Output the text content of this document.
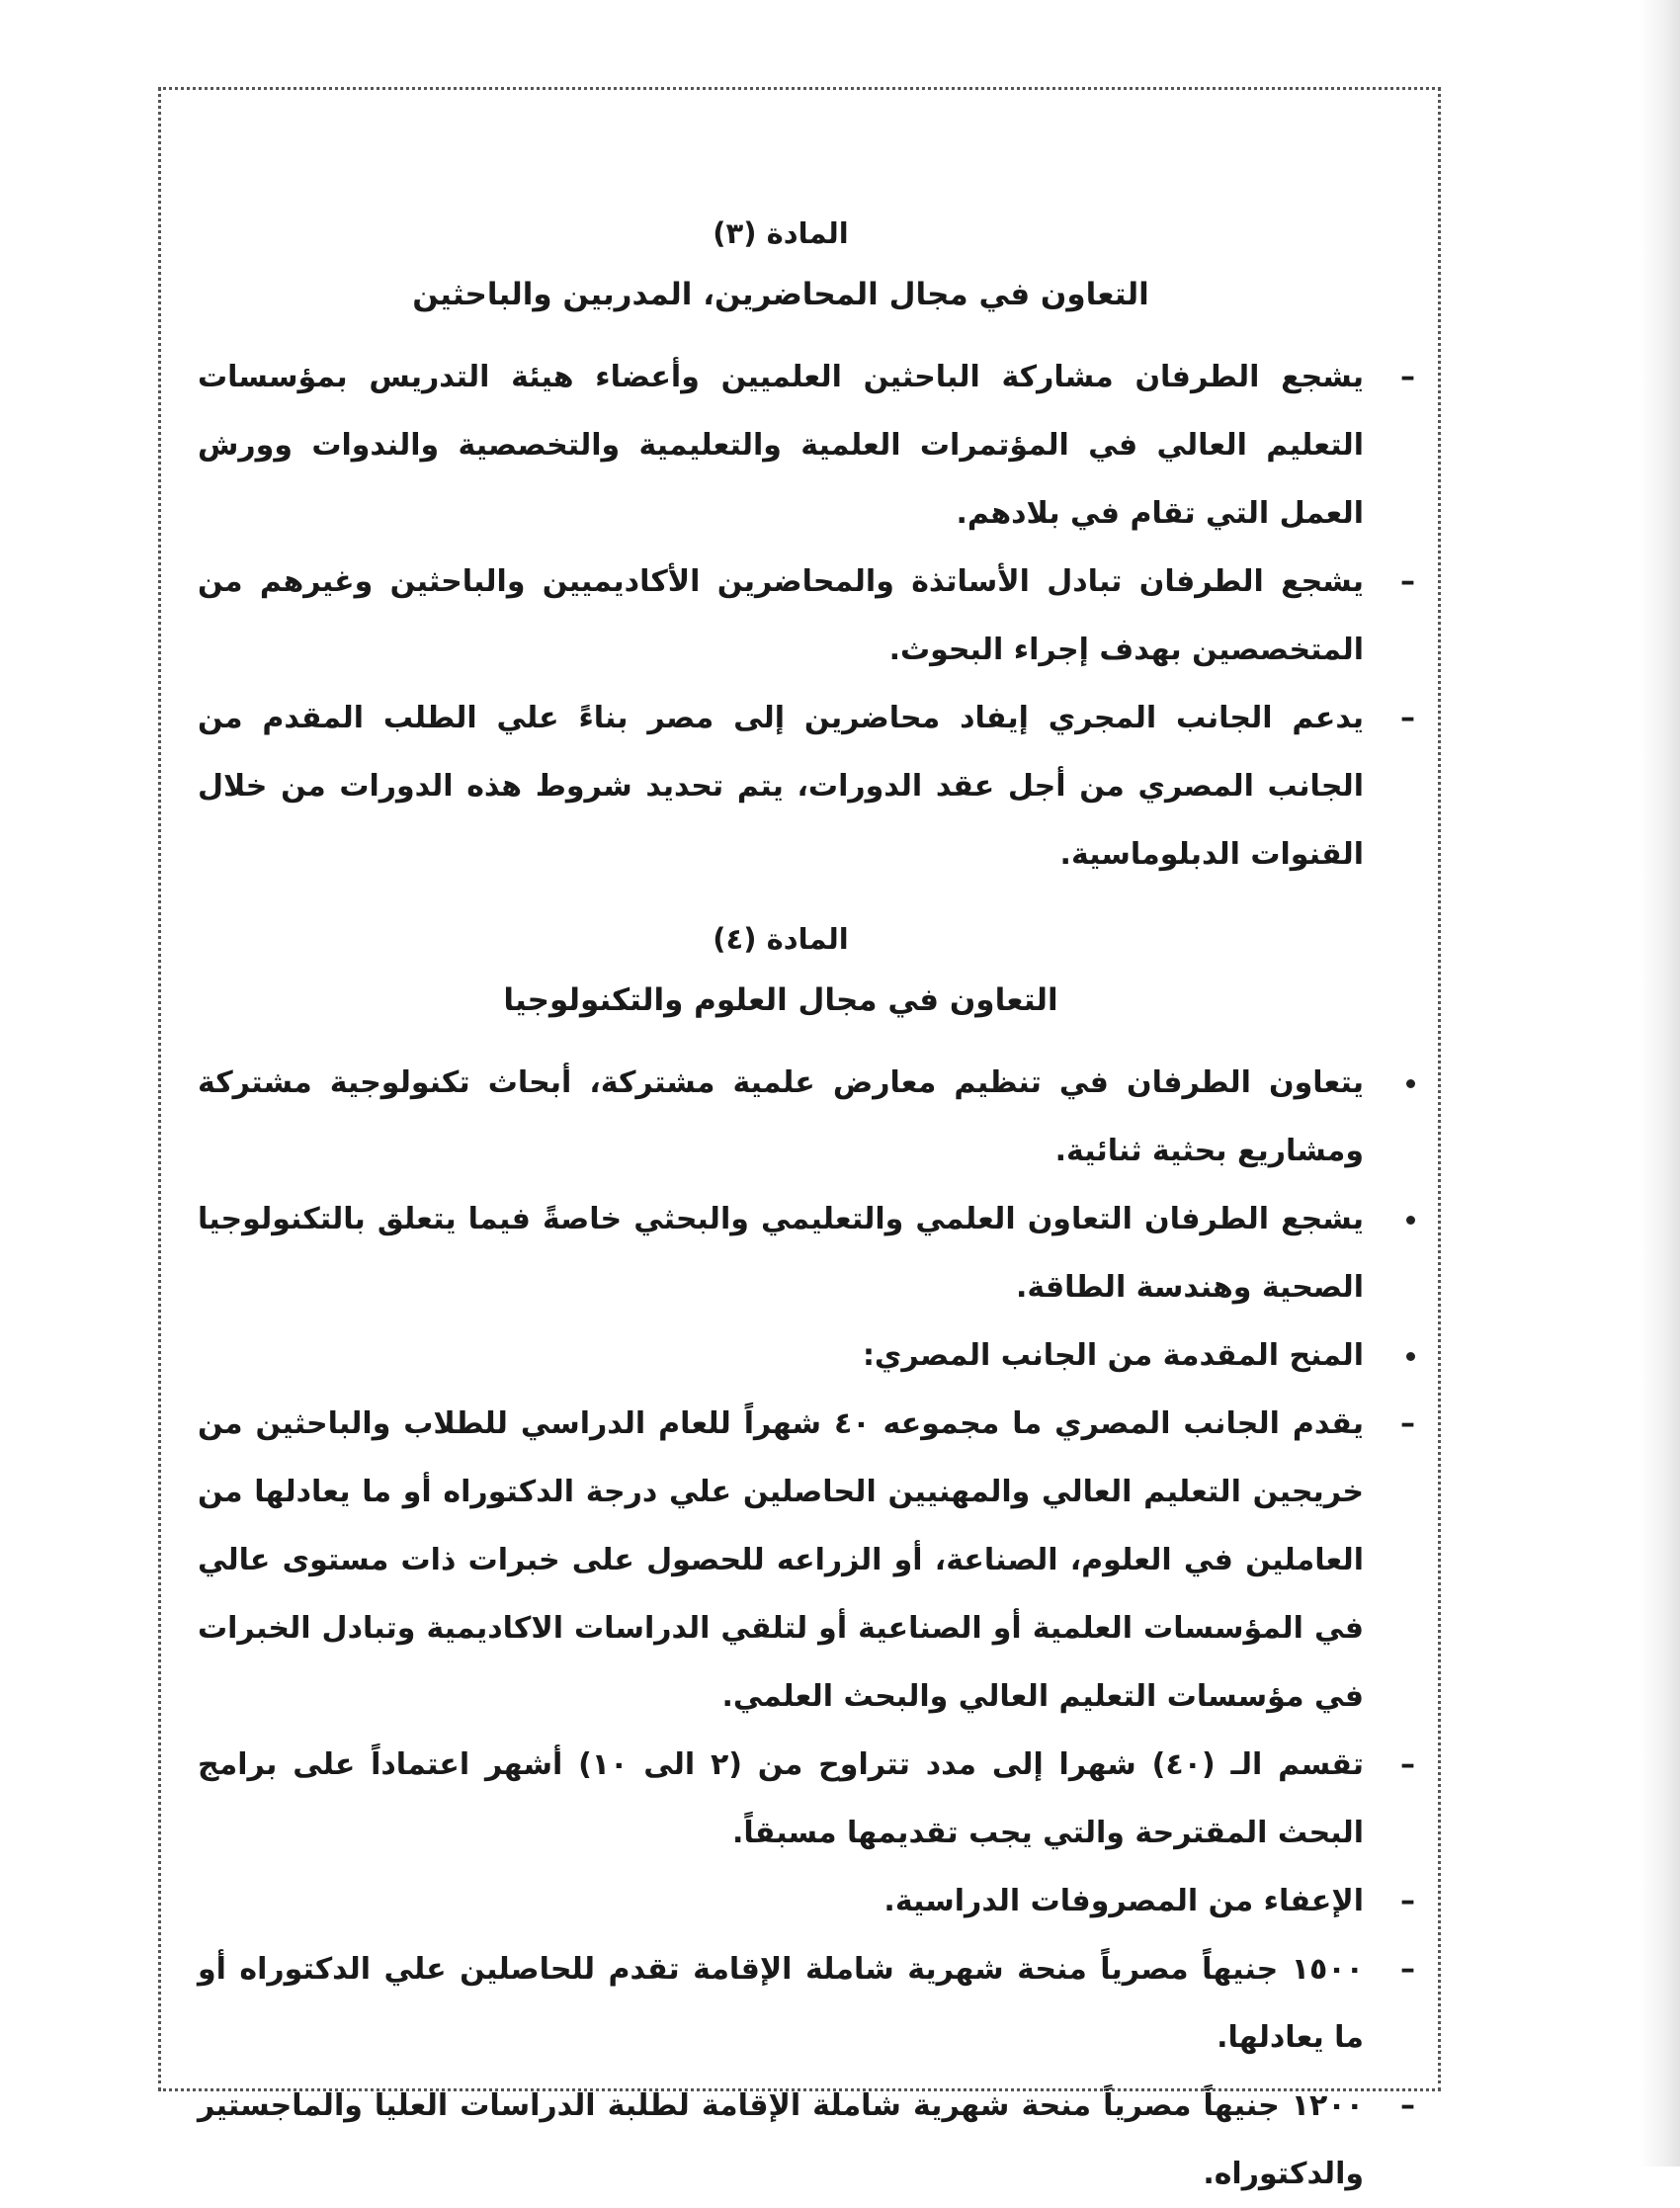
المادة (٣)
التعاون في مجال المحاضرين، المدربين والباحثين

–
يشجع الطرفان مشاركة الباحثين العلميين وأعضاء هيئة التدريس بمؤسسات التعليم العالي في المؤتمرات العلمية والتعليمية والتخصصية والندوات وورش العمل التي تقام في بلادهم.

–
يشجع الطرفان تبادل الأساتذة والمحاضرين الأكاديميين والباحثين وغيرهم من المتخصصين بهدف إجراء البحوث.

–
يدعم الجانب المجري إيفاد محاضرين إلى مصر بناءً علي الطلب المقدم من الجانب المصري من أجل عقد الدورات، يتم تحديد شروط هذه الدورات من خلال القنوات الدبلوماسية.

المادة (٤)
التعاون في مجال العلوم والتكنولوجيا

يتعاون الطرفان في تنظيم معارض علمية مشتركة، أبحاث تكنولوجية مشتركة ومشاريع بحثية ثنائية.

يشجع الطرفان التعاون العلمي والتعليمي والبحثي خاصةً فيما يتعلق بالتكنولوجيا الصحية وهندسة الطاقة.

المنح المقدمة من الجانب المصري:

–
يقدم الجانب المصري ما مجموعه ٤٠ شهراً للعام الدراسي للطلاب والباحثين من خريجين التعليم العالي والمهنيين الحاصلين علي درجة الدكتوراه أو ما يعادلها من العاملين في العلوم، الصناعة، أو الزراعه للحصول على خبرات ذات مستوى عالي في المؤسسات العلمية أو الصناعية أو لتلقي الدراسات الاكاديمية وتبادل الخبرات في مؤسسات التعليم العالي والبحث العلمي.

–
تقسم الـ (٤٠) شهرا إلى مدد تتراوح من (٢ الى ١٠) أشهر اعتماداً على برامج البحث المقترحة والتي يجب تقديمها مسبقاً.

–
الإعفاء من المصروفات الدراسية.

–
١٥٠٠ جنيهاً مصرياً منحة شهرية شاملة الإقامة تقدم للحاصلين علي الدكتوراه أو ما يعادلها.

–
١٢٠٠ جنيهاً مصرياً منحة شهرية شاملة الإقامة لطلبة الدراسات العليا والماجستير والدكتوراه.
